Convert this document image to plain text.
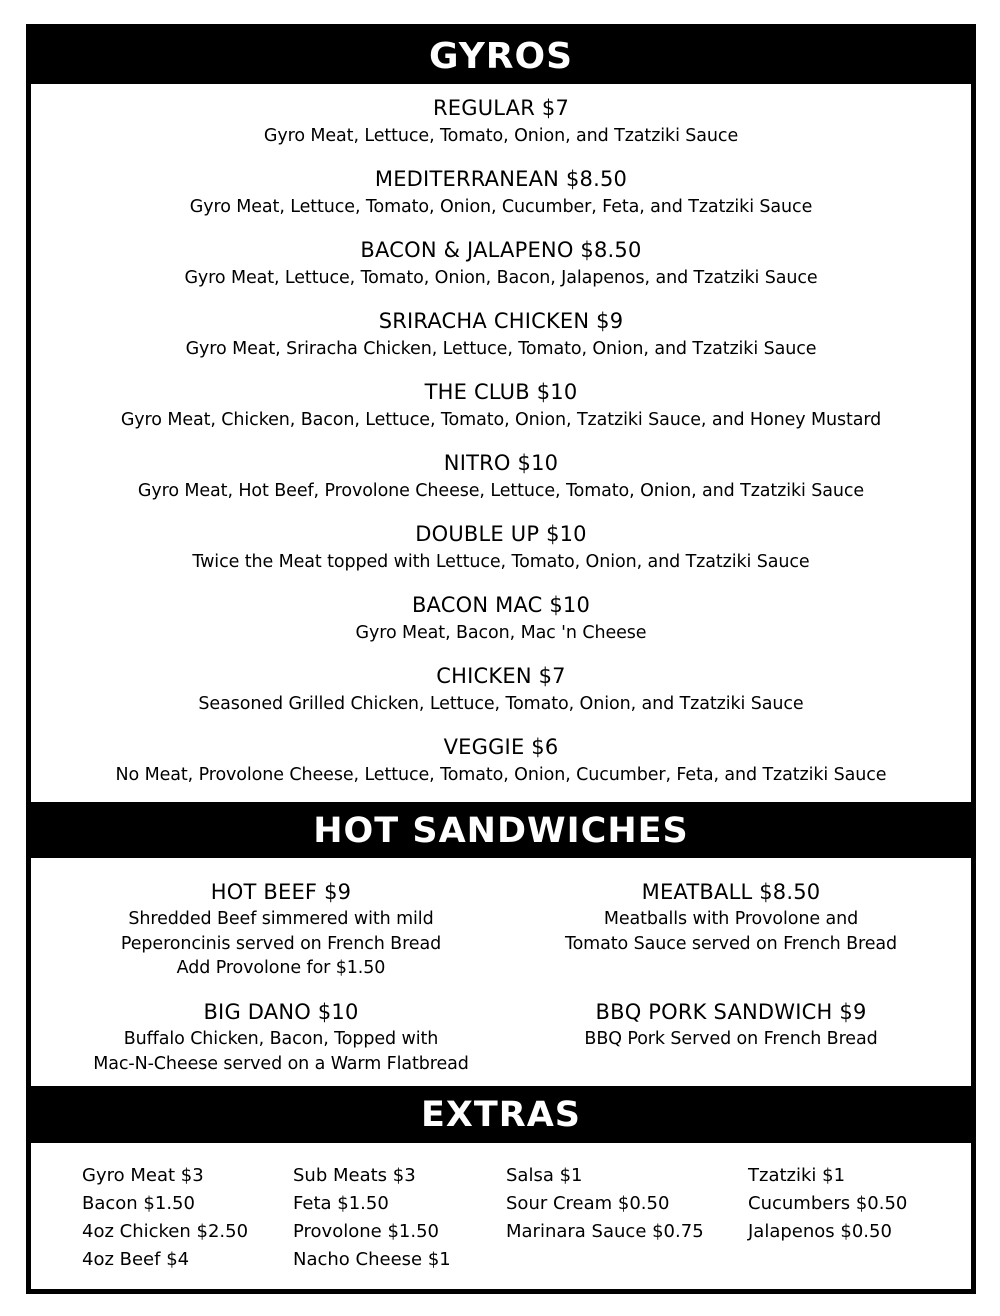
GYROS
REGULAR $7
Gyro Meat, Lettuce, Tomato, Onion, and Tzatziki Sauce
MEDITERRANEAN $8.50
Gyro Meat, Lettuce, Tomato, Onion, Cucumber, Feta, and Tzatziki Sauce
BACON & JALAPENO $8.50
Gyro Meat, Lettuce, Tomato, Onion, Bacon, Jalapenos, and Tzatziki Sauce
SRIRACHA CHICKEN $9
Gyro Meat, Sriracha Chicken, Lettuce, Tomato, Onion, and Tzatziki Sauce
THE CLUB $10
Gyro Meat, Chicken, Bacon, Lettuce, Tomato, Onion, Tzatziki Sauce, and Honey Mustard
NITRO $10
Gyro Meat, Hot Beef, Provolone Cheese, Lettuce, Tomato, Onion, and Tzatziki Sauce
DOUBLE UP $10
Twice the Meat topped with Lettuce, Tomato, Onion, and Tzatziki Sauce
BACON MAC $10
Gyro Meat, Bacon, Mac 'n Cheese
CHICKEN $7
Seasoned Grilled Chicken, Lettuce, Tomato, Onion, and Tzatziki Sauce
VEGGIE $6
No Meat, Provolone Cheese, Lettuce, Tomato, Onion, Cucumber, Feta, and Tzatziki Sauce
HOT SANDWICHES
HOT BEEF $9
Shredded Beef simmered with mild
Peperoncinis served on French Bread
Add Provolone for $1.50
MEATBALL $8.50
Meatballs with Provolone and
Tomato Sauce served on French Bread
BIG DANO $10
Buffalo Chicken, Bacon, Topped with
Mac-N-Cheese served on a Warm Flatbread
BBQ PORK SANDWICH $9
BBQ Pork Served on French Bread
EXTRAS
Gyro Meat $3
Bacon $1.50
4oz Chicken $2.50
4oz Beef $4
Sub Meats $3
Feta $1.50
Provolone $1.50
Nacho Cheese $1
Salsa $1
Sour Cream $0.50
Marinara Sauce $0.75
Tzatziki $1
Cucumbers $0.50
Jalapenos $0.50
